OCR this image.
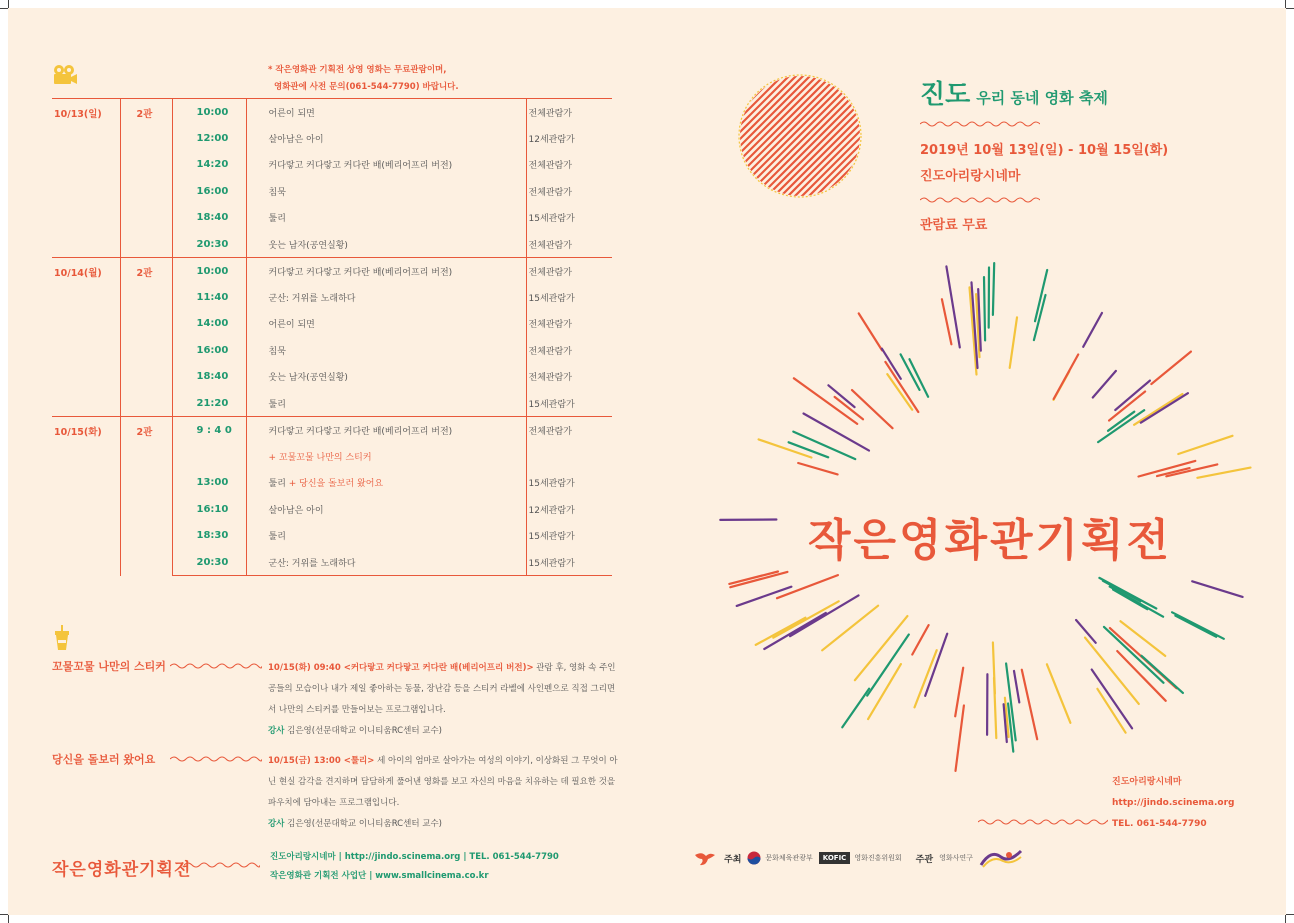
* 작은영화관 기획전 상영 영화는 무료관람이며,
영화관에 사전 문의(061-544-7790) 바랍니다.
10/13(일)	2관	10:00	어른이 되면	전체관람가
		12:00	살아남은 아이	12세관람가
		14:20	커다랗고 커다랗고 커다란 배(베리어프리 버전)	전체관람가
		16:00	침묵	전체관람가
		18:40	툴리	15세관람가
		20:30	웃는 남자(공연실황)	전체관람가
10/14(월)	2관	10:00	커다랗고 커다랗고 커다란 배(베리어프리 버전)	전체관람가
		11:40	군산: 거위를 노래하다	15세관람가
		14:00	어른이 되면	전체관람가
		16:00	침묵	전체관람가
		18:40	웃는 남자(공연실황)	전체관람가
		21:20	툴리	15세관람가
10/15(화)	2관	9 : 4 0	커다랗고 커다랗고 커다란 배(베리어프리 버전)	전체관람가
			+ 꼬물꼬물 나만의 스티커	
		13:00	툴리 + 당신을 돌보러 왔어요	15세관람가
		16:10	살아남은 아이	12세관람가
		18:30	툴리	15세관람가
		20:30	군산: 거위를 노래하다	15세관람가
꼬물꼬물 나만의 스티커	10/15(화) 09:40 <커다랗고 커다랗고 커다란 배(베리어프리 버전)> 관람 후, 영화 속 주인공들의 모습이나 내가 제일 좋아하는 동물, 장난감 등을 스티커 라벨에 사인펜으로 직접 그리면서 나만의 스티커를 만들어보는 프로그램입니다.
강사 김은영(선문대학교 이니티움RC센터 교수)
당신을 돌보러 왔어요	10/15(금) 13:00 <툴리> 세 아이의 엄마로 살아가는 여성의 이야기, 이상화된 그 무엇이 아닌 현실 감각을 견지하며 담담하게 풀어낸 영화를 보고 자신의 마음을 치유하는 데 필요한 것을 파우치에 담아내는 프로그램입니다.
강사 김은영(선문대학교 이니티움RC센터 교수)
작은영화관기획전
진도아리랑시네마 | http://jindo.scinema.org | TEL. 061-544-7790
작은영화관 기획전 사업단 | www.smallcinema.co.kr
진도 우리 동네 영화 축제
2019년 10월 13일(일) - 10월 15일(화)
진도아리랑시네마
관람료 무료
작은영화관기획전
진도아리랑시네마
http://jindo.scinema.org
TEL. 061-544-7790
주최	문화체육관광부	KOFIC	영화진흥위원회 주관 영화사연구
